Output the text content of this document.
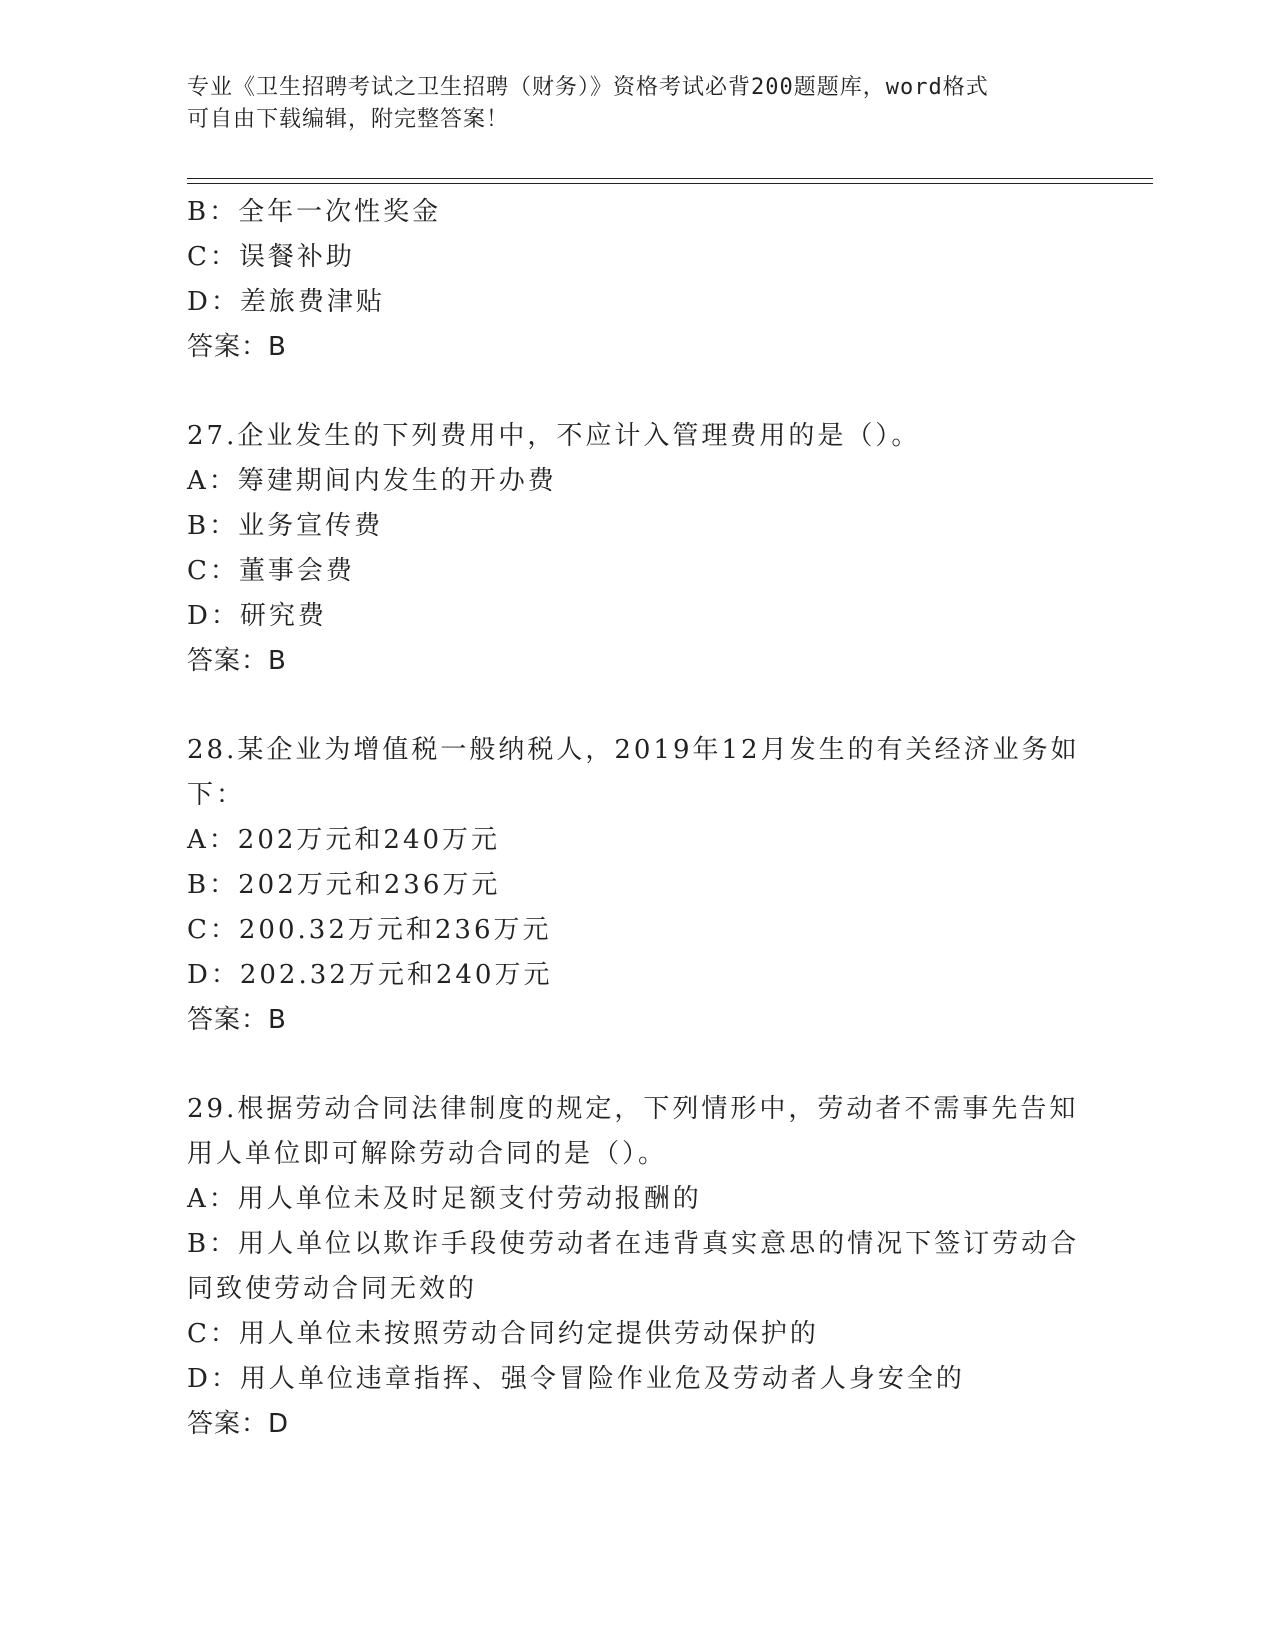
专业《卫生招聘考试之卫生招聘（财务）》资格考试必背200题题库，word格式
可自由下载编辑，附完整答案！
B：全年一次性奖金
C：误餐补助
D：差旅费津贴
答案：B
27.企业发生的下列费用中，不应计入管理费用的是（）。
A：筹建期间内发生的开办费
B：业务宣传费
C：董事会费
D：研究费
答案：B
28.某企业为增值税一般纳税人，2019年12月发生的有关经济业务如
下：
A：202万元和240万元
B：202万元和236万元
C：200.32万元和236万元
D：202.32万元和240万元
答案：B
29.根据劳动合同法律制度的规定，下列情形中，劳动者不需事先告知
用人单位即可解除劳动合同的是（）。
A：用人单位未及时足额支付劳动报酬的
B：用人单位以欺诈手段使劳动者在违背真实意思的情况下签订劳动合
同致使劳动合同无效的
C：用人单位未按照劳动合同约定提供劳动保护的
D：用人单位违章指挥、强令冒险作业危及劳动者人身安全的
答案：D
